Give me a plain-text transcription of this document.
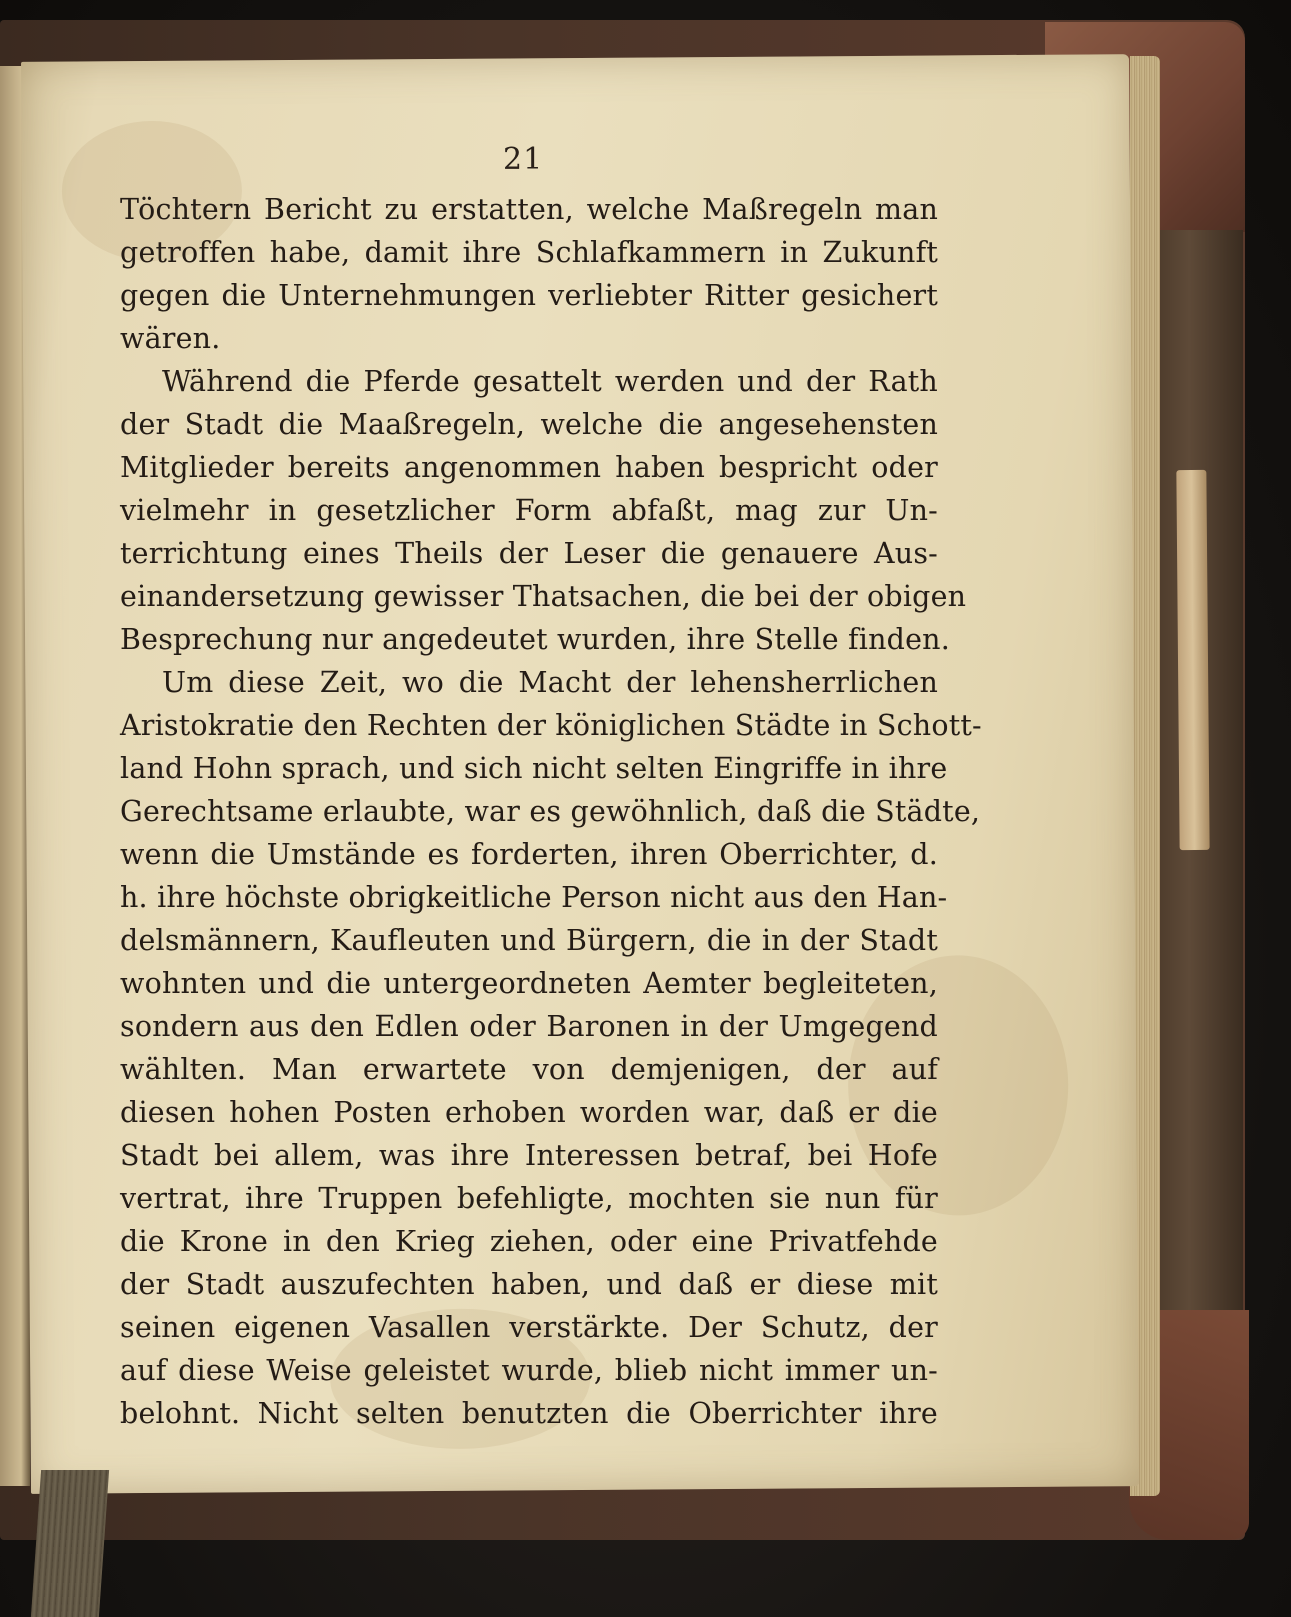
21
Töchtern Bericht zu erstatten, welche Maßregeln man
getroffen habe, damit ihre Schlafkammern in Zukunft
gegen die Unternehmungen verliebter Ritter gesichert
wären.
Während die Pferde gesattelt werden und der Rath
der Stadt die Maaßregeln, welche die angesehensten
Mitglieder bereits angenommen haben bespricht oder
vielmehr in gesetzlicher Form abfaßt, mag zur Un-
terrichtung eines Theils der Leser die genauere Aus-
einandersetzung gewisser Thatsachen, die bei der obigen
Besprechung nur angedeutet wurden, ihre Stelle finden.
Um diese Zeit, wo die Macht der lehensherrlichen
Aristokratie den Rechten der königlichen Städte in Schott-
land Hohn sprach, und sich nicht selten Eingriffe in ihre
Gerechtsame erlaubte, war es gewöhnlich, daß die Städte,
wenn die Umstände es forderten, ihren Oberrichter, d.
h. ihre höchste obrigkeitliche Person nicht aus den Han-
delsmännern, Kaufleuten und Bürgern, die in der Stadt
wohnten und die untergeordneten Aemter begleiteten,
sondern aus den Edlen oder Baronen in der Umgegend
wählten. Man erwartete von demjenigen, der auf
diesen hohen Posten erhoben worden war, daß er die
Stadt bei allem, was ihre Interessen betraf, bei Hofe
vertrat, ihre Truppen befehligte, mochten sie nun für
die Krone in den Krieg ziehen, oder eine Privatfehde
der Stadt auszufechten haben, und daß er diese mit
seinen eigenen Vasallen verstärkte. Der Schutz, der
auf diese Weise geleistet wurde, blieb nicht immer un-
belohnt. Nicht selten benutzten die Oberrichter ihre
